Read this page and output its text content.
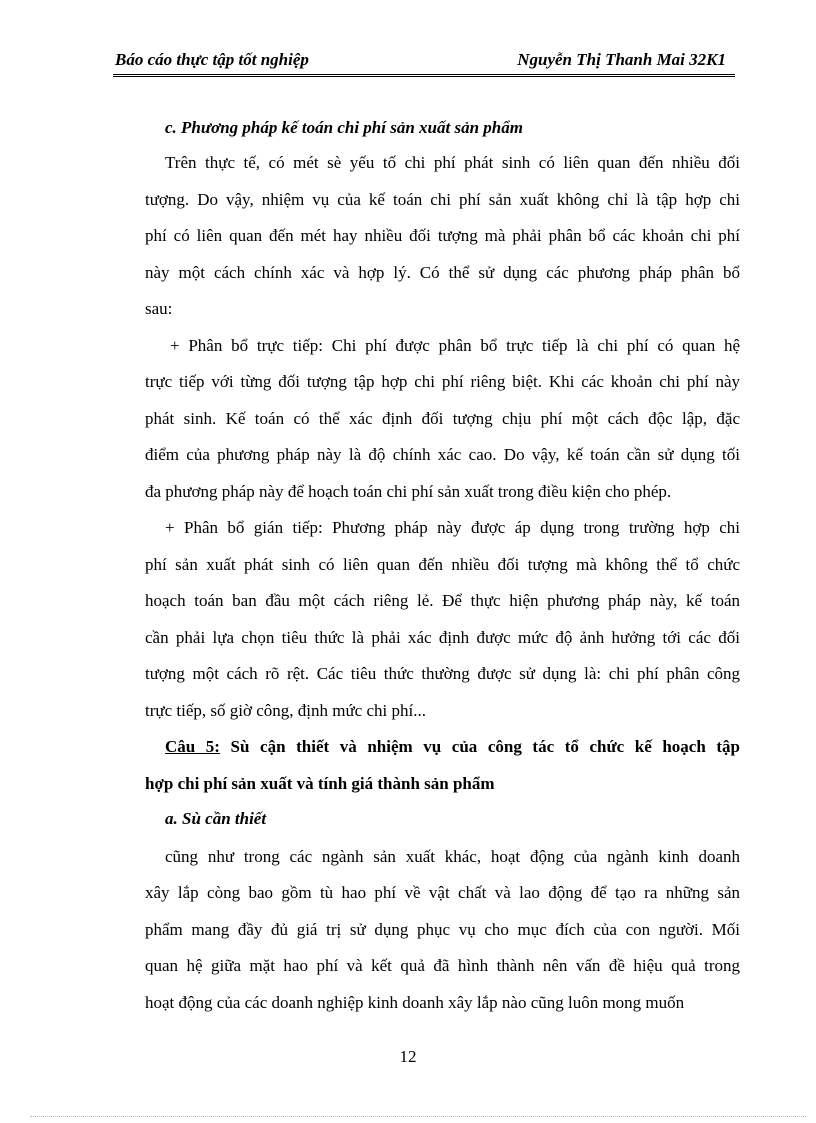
Báo cáo thực tập tốt nghiệp	Nguyễn Thị Thanh Mai 32K1
c. Phương pháp kế toán chi phí sản xuất sản phẩm
Trên thực tế, có mét sè yếu tố chi phí phát sinh có liên quan đến nhiều đối
tượng. Do vậy, nhiệm vụ của kế toán chi phí sản xuất không chỉ là tập hợp chi
phí có liên quan đến mét hay nhiều đối tượng mà phải phân bổ các khoản chi phí
này một cách chính xác và hợp lý. Có thể sử dụng các phương pháp phân bổ
sau:
+ Phân bổ trực tiếp: Chi phí được phân bổ trực tiếp là chi phí có quan hệ
trực tiếp với từng đối tượng tập hợp chi phí riêng biệt. Khi các khoản chi phí này
phát sinh. Kế toán có thể xác định đối tượng chịu phí một cách độc lập, đặc
điểm của phương pháp này là độ chính xác cao. Do vậy, kế toán cần sử dụng tối
đa phương pháp này để hoạch toán chi phí sản xuất trong điều kiện cho phép.
+ Phân bổ gián tiếp: Phương pháp này được áp dụng trong trường hợp chi
phí sản xuất phát sinh có liên quan đến nhiều đối tượng mà không thể tổ chức
hoạch toán ban đầu một cách riêng lẻ. Để thực hiện phương pháp này, kế toán
cần phải lựa chọn tiêu thức là phải xác định được mức độ ảnh hưởng tới các đối
tượng một cách rõ rệt. Các tiêu thức thường được sử dụng là: chi phí phân công
trực tiếp, số giờ công, định mức chi phí...
Câu 5: Sù cận thiết và nhiệm vụ của công tác tổ chức kế hoạch tập
hợp chi phí sản xuất và tính giá thành sản phẩm
a. Sù cần thiết
cũng như trong các ngành sản xuất khác, hoạt động của ngành kinh doanh
xây lắp còng bao gồm tù hao phí về vật chất và lao động để tạo ra những sản
phẩm mang đầy đủ giá trị sử dụng phục vụ cho mục đích của con người. Mối
quan hệ giữa mặt hao phí và kết quả đã hình thành nên vấn đề hiệu quả trong
hoạt động của các doanh nghiệp kinh doanh xây lắp nào cũng luôn mong muốn
12
